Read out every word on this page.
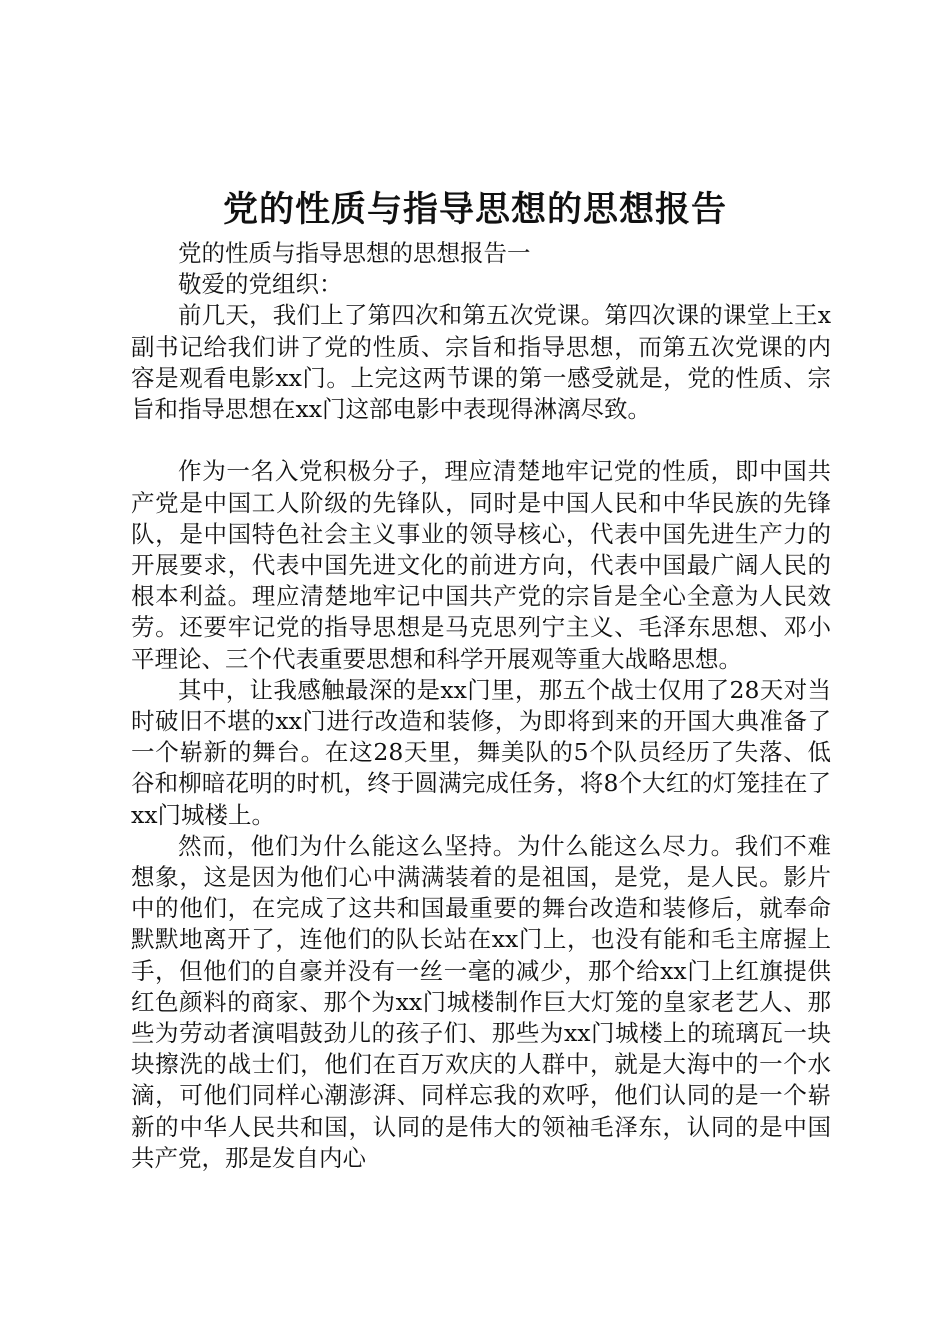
党的性质与指导思想的思想报告

党的性质与指导思想的思想报告一

敬爱的党组织：

前几天，我们上了第四次和第五次党课。第四次课的课堂上王x副书记给我们讲了党的性质、宗旨和指导思想，而第五次党课的内容是观看电影xx门。上完这两节课的第一感受就是，党的性质、宗旨和指导思想在xx门这部电影中表现得淋漓尽致。

作为一名入党积极分子，理应清楚地牢记党的性质，即中国共产党是中国工人阶级的先锋队，同时是中国人民和中华民族的先锋队，是中国特色社会主义事业的领导核心，代表中国先进生产力的开展要求，代表中国先进文化的前进方向，代表中国最广阔人民的根本利益。理应清楚地牢记中国共产党的宗旨是全心全意为人民效劳。还要牢记党的指导思想是马克思列宁主义、毛泽东思想、邓小平理论、三个代表重要思想和科学开展观等重大战略思想。

其中，让我感触最深的是xx门里，那五个战士仅用了28天对当时破旧不堪的xx门进行改造和装修，为即将到来的开国大典准备了一个崭新的舞台。在这28天里，舞美队的5个队员经历了失落、低谷和柳暗花明的时机，终于圆满完成任务，将8个大红的灯笼挂在了xx门城楼上。

然而，他们为什么能这么坚持。为什么能这么尽力。我们不难想象，这是因为他们心中满满装着的是祖国，是党，是人民。影片中的他们，在完成了这共和国最重要的舞台改造和装修后，就奉命默默地离开了，连他们的队长站在xx门上，也没有能和毛主席握上手，但他们的自豪并没有一丝一毫的减少，那个给xx门上红旗提供红色颜料的商家、那个为xx门城楼制作巨大灯笼的皇家老艺人、那些为劳动者演唱鼓劲儿的孩子们、那些为xx门城楼上的琉璃瓦一块块擦洗的战士们，他们在百万欢庆的人群中，就是大海中的一个水滴，可他们同样心潮澎湃、同样忘我的欢呼，他们认同的是一个崭新的中华人民共和国，认同的是伟大的领袖毛泽东，认同的是中国共产党，那是发自内心
